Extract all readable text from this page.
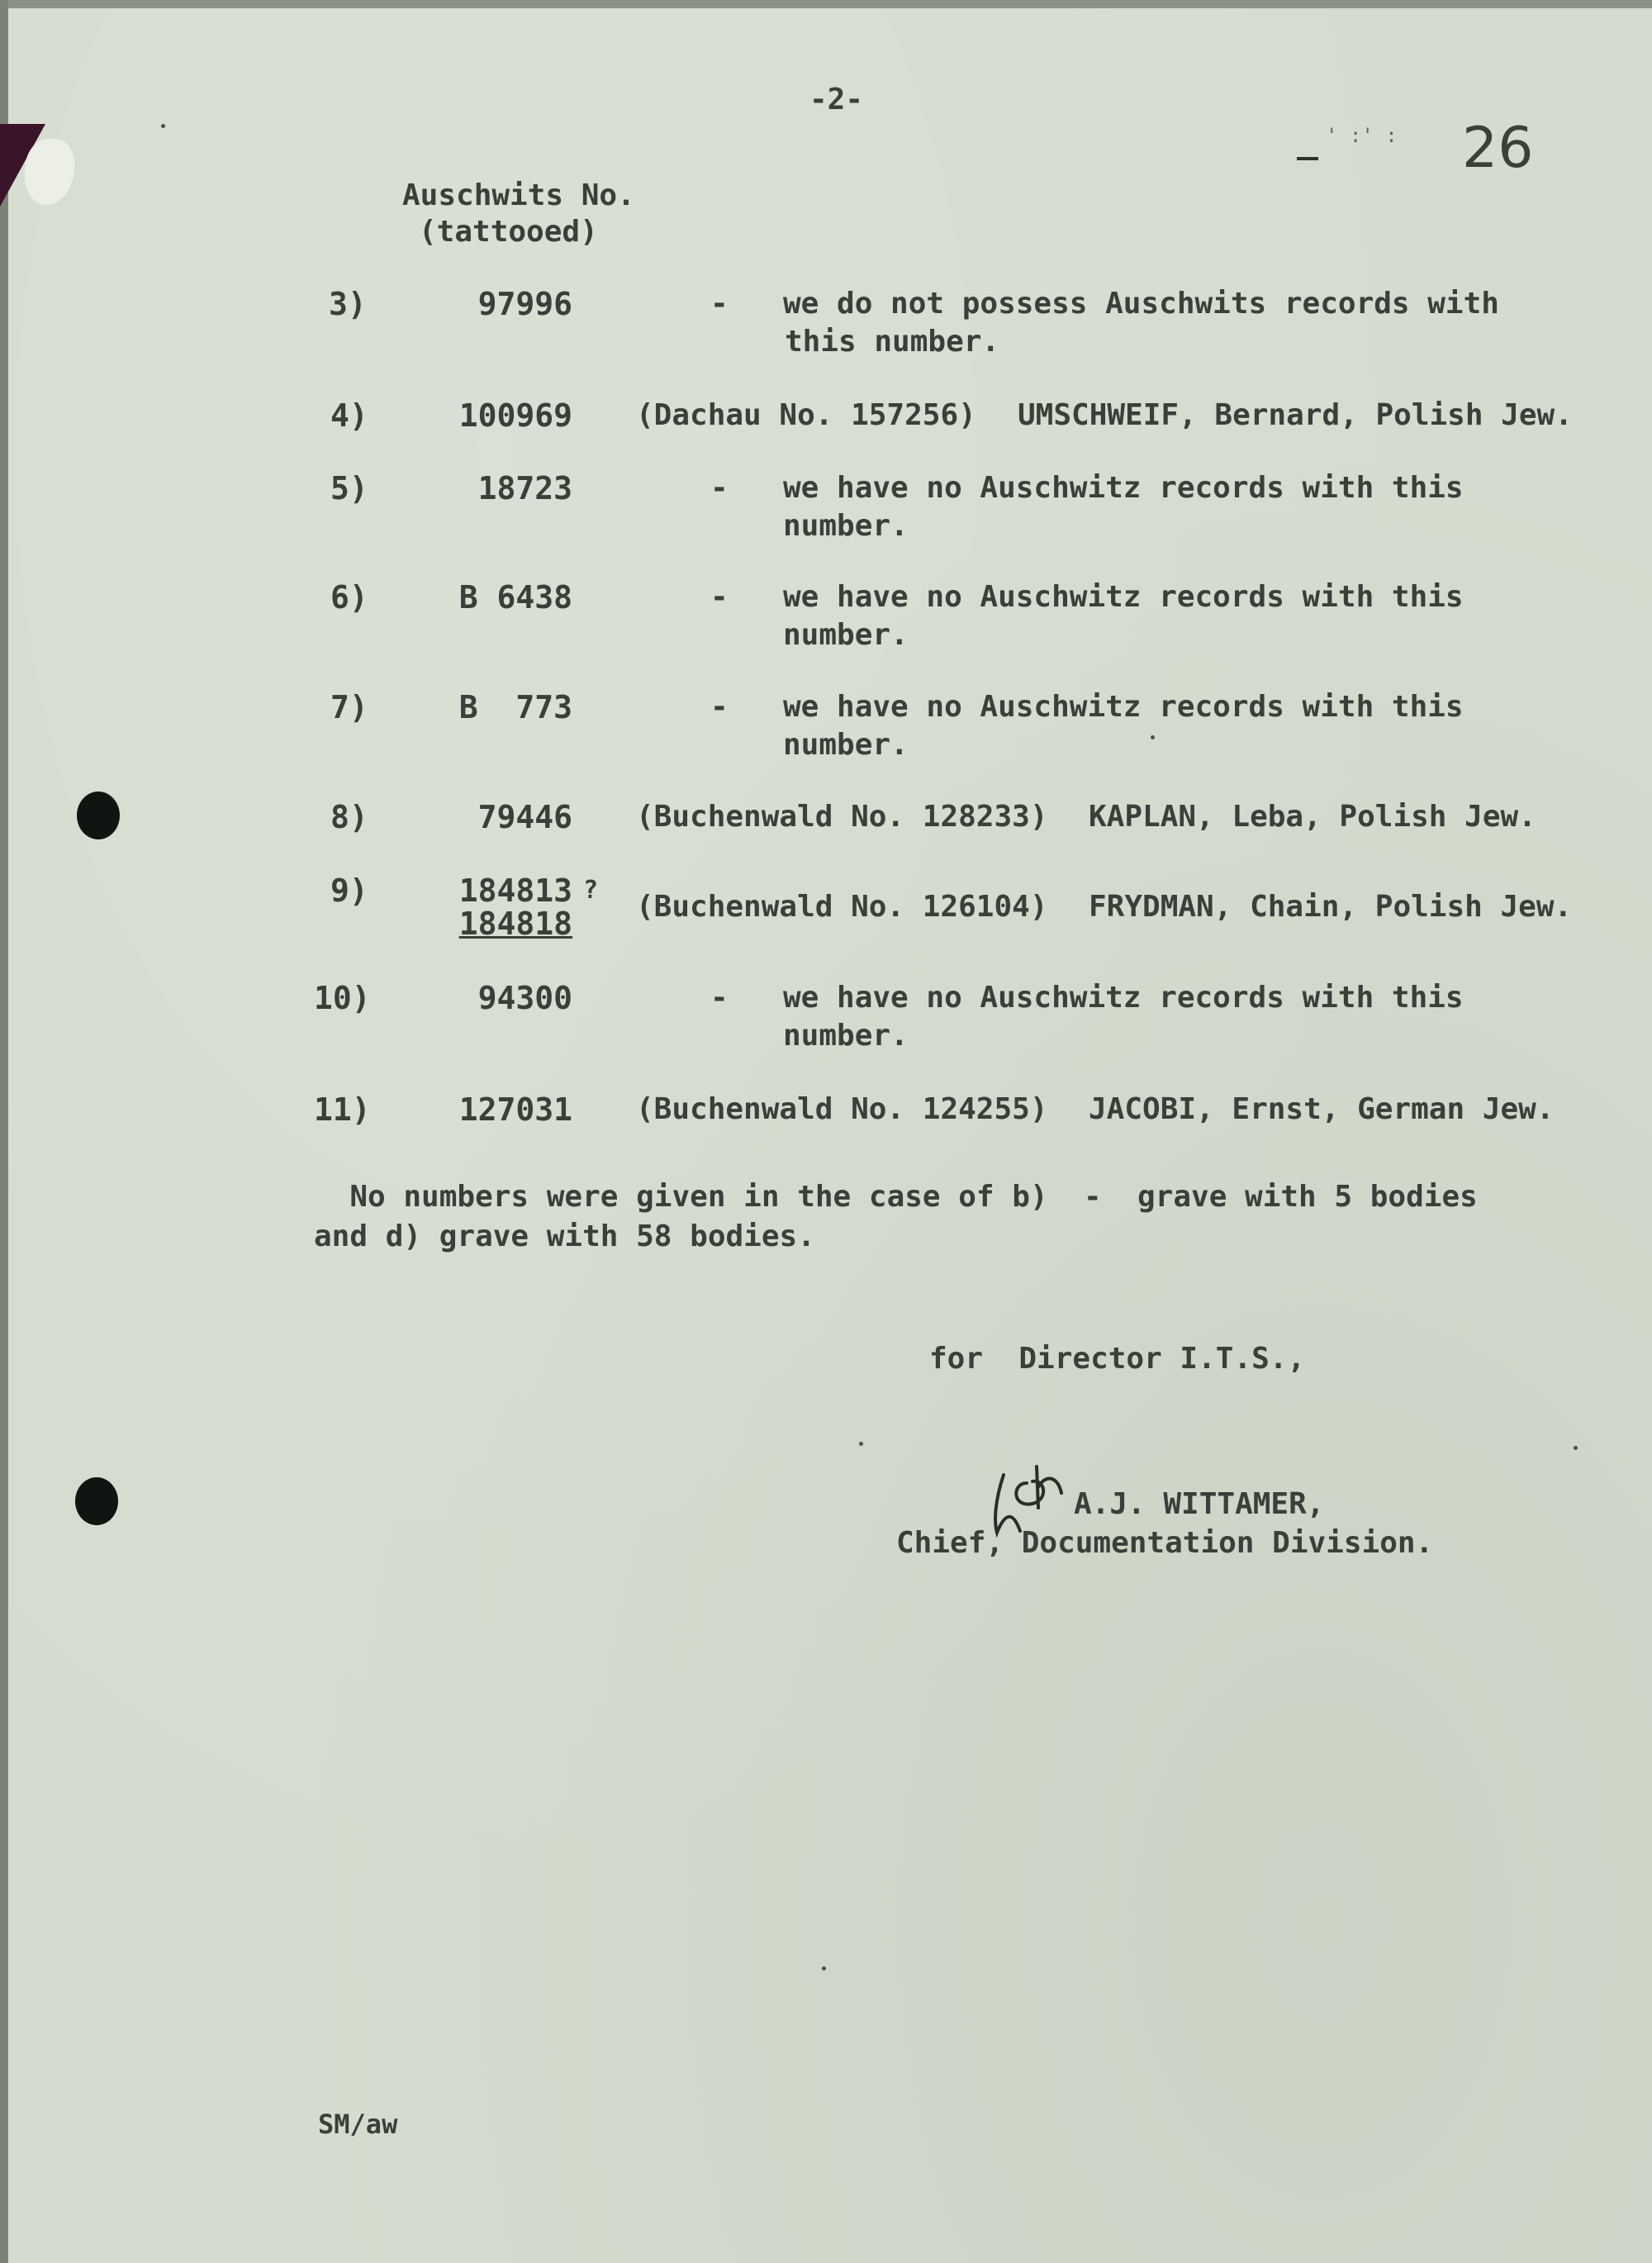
-2-
' :' : 26
Auschwits No.
(tattooed)
3)	97996	- we do not possess Auschwits records with
this number.
4)	100969 (Dachau No. 157256) UMSCHWEIF, Bernard, Polish Jew.
5)	18723	- we have no Auschwitz records with this
number.
6)	B 6438	- we have no Auschwitz records with this
number.
7)	B  773	- we have no Auschwitz records with this
number.
8)	79446 (Buchenwald No. 128233) KAPLAN, Leba, Polish Jew.
9)	184813 ?
184818 (Buchenwald No. 126104) FRYDMAN, Chain, Polish Jew.
10)	94300	- we have no Auschwitz records with this
number.
11)	127031 (Buchenwald No. 124255) JACOBI, Ernst, German Jew.
No numbers were given in the case of b)  -  grave with 5 bodies
and d) grave with 58 bodies.
for  Director I.T.S.,
A.J. WITTAMER,
Chief, Documentation Division.
SM/aw
